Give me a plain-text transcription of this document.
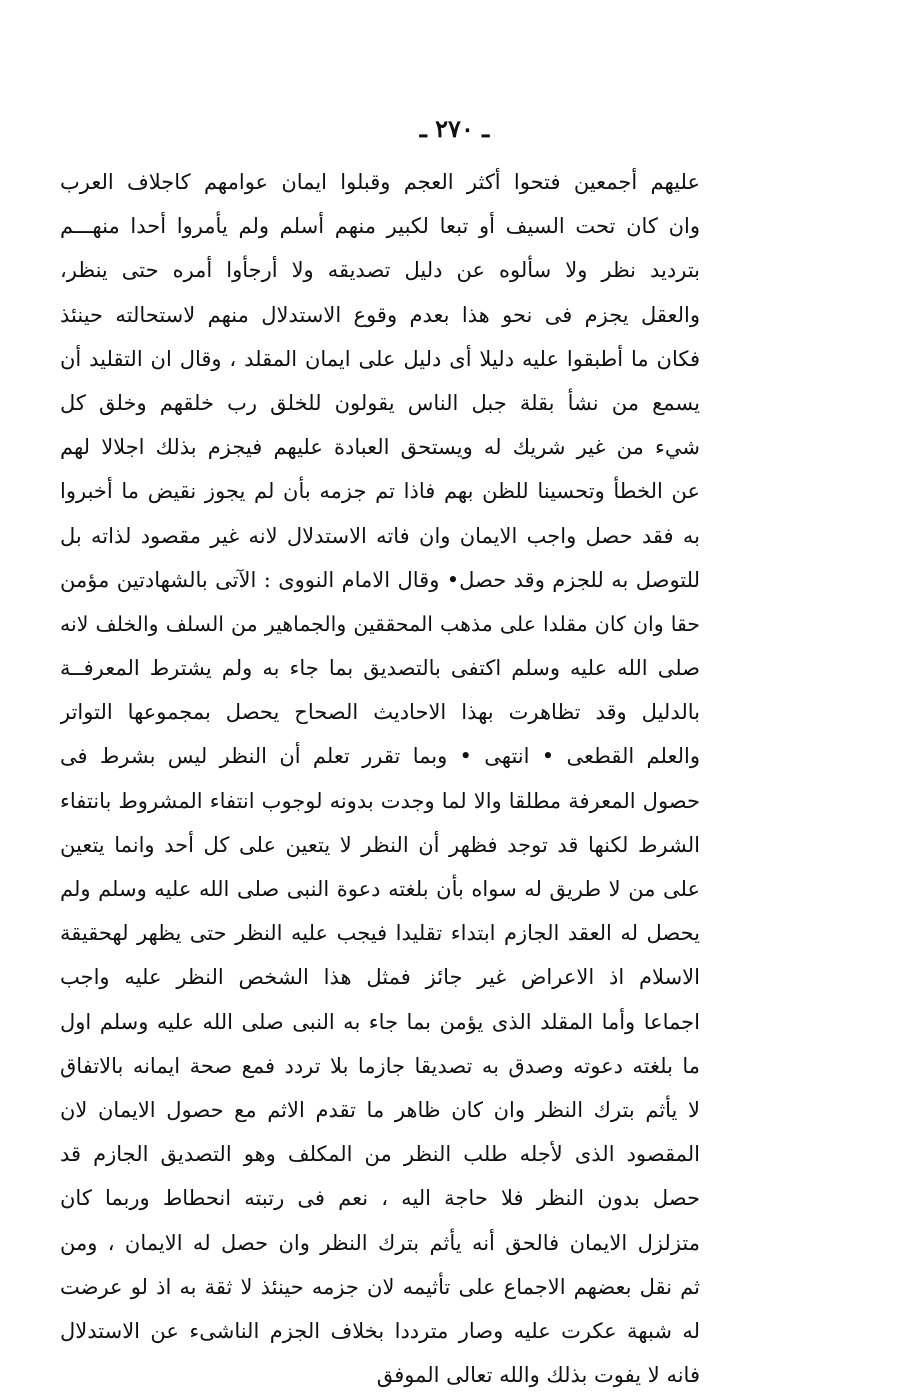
ـ ٢٧٠ ـ
عليهم أجمعين فتحوا أكثر العجم وقبلوا ايمان عوامهم كاجلاف العرب
وان كان تحت السيف أو تبعا لكبير منهم أسلم ولم يأمروا أحدا منهـــم
بترديد نظر ولا سألوه عن دليل تصديقه ولا أرجأوا أمره حتى ينظر،
والعقل يجزم فى نحو هذا بعدم وقوع الاستدلال منهم لاستحالته حينئذ
فكان ما أطبقوا عليه دليلا أى دليل على ايمان المقلد ، وقال ان التقليد أن
يسمع من نشأ بقلة جبل الناس يقولون للخلق رب خلقهم وخلق كل
شيء من غير شريك له ويستحق العبادة عليهم فيجزم بذلك اجلالا لهم
عن الخطأ وتحسينا للظن بهم فاذا تم جزمه بأن لم يجوز نقيض ما أخبروا
به فقد حصل واجب الايمان وان فاته الاستدلال لانه غير مقصود لذاته بل
للتوصل به للجزم وقد حصل• وقال الامام النووى : الآتى بالشهادتين مؤمن
حقا وان كان مقلدا على مذهب المحققين والجماهير من السلف والخلف لانه
صلى الله عليه وسلم اكتفى بالتصديق بما جاء به ولم يشترط المعرفــة
بالدليل وقد تظاهرت بهذا الاحاديث الصحاح يحصل بمجموعها التواتر
والعلم القطعى • انتهى • وبما تقرر تعلم أن النظر ليس بشرط فى
حصول المعرفة مطلقا والا لما وجدت بدونه لوجوب انتفاء المشروط بانتفاء
الشرط لكنها قد توجد فظهر أن النظر لا يتعين على كل أحد وانما يتعين
على من لا طريق له سواه بأن بلغته دعوة النبى صلى الله عليه وسلم ولم
يحصل له العقد الجازم ابتداء تقليدا فيجب عليه النظر حتى يظهر لهحقيقة
الاسلام اذ الاعراض غير جائز فمثل هذا الشخص النظر عليه واجب
اجماعا وأما المقلد الذى يؤمن بما جاء به النبى صلى الله عليه وسلم اول
ما بلغته دعوته وصدق به تصديقا جازما بلا تردد فمع صحة ايمانه بالاتفاق
لا يأثم بترك النظر وان كان ظاهر ما تقدم الاثم مع حصول الايمان لان
المقصود الذى لأجله طلب النظر من المكلف وهو التصديق الجازم قد
حصل بدون النظر فلا حاجة اليه ، نعم فى رتبته انحطاط وربما كان
متزلزل الايمان فالحق أنه يأثم بترك النظر وان حصل له الايمان ، ومن
ثم نقل بعضهم الاجماع على تأثيمه لان جزمه حينئذ لا ثقة به اذ لو عرضت
له شبهة عكرت عليه وصار مترددا بخلاف الجزم الناشىء عن الاستدلال
فانه لا يفوت بذلك والله تعالى الموفق
